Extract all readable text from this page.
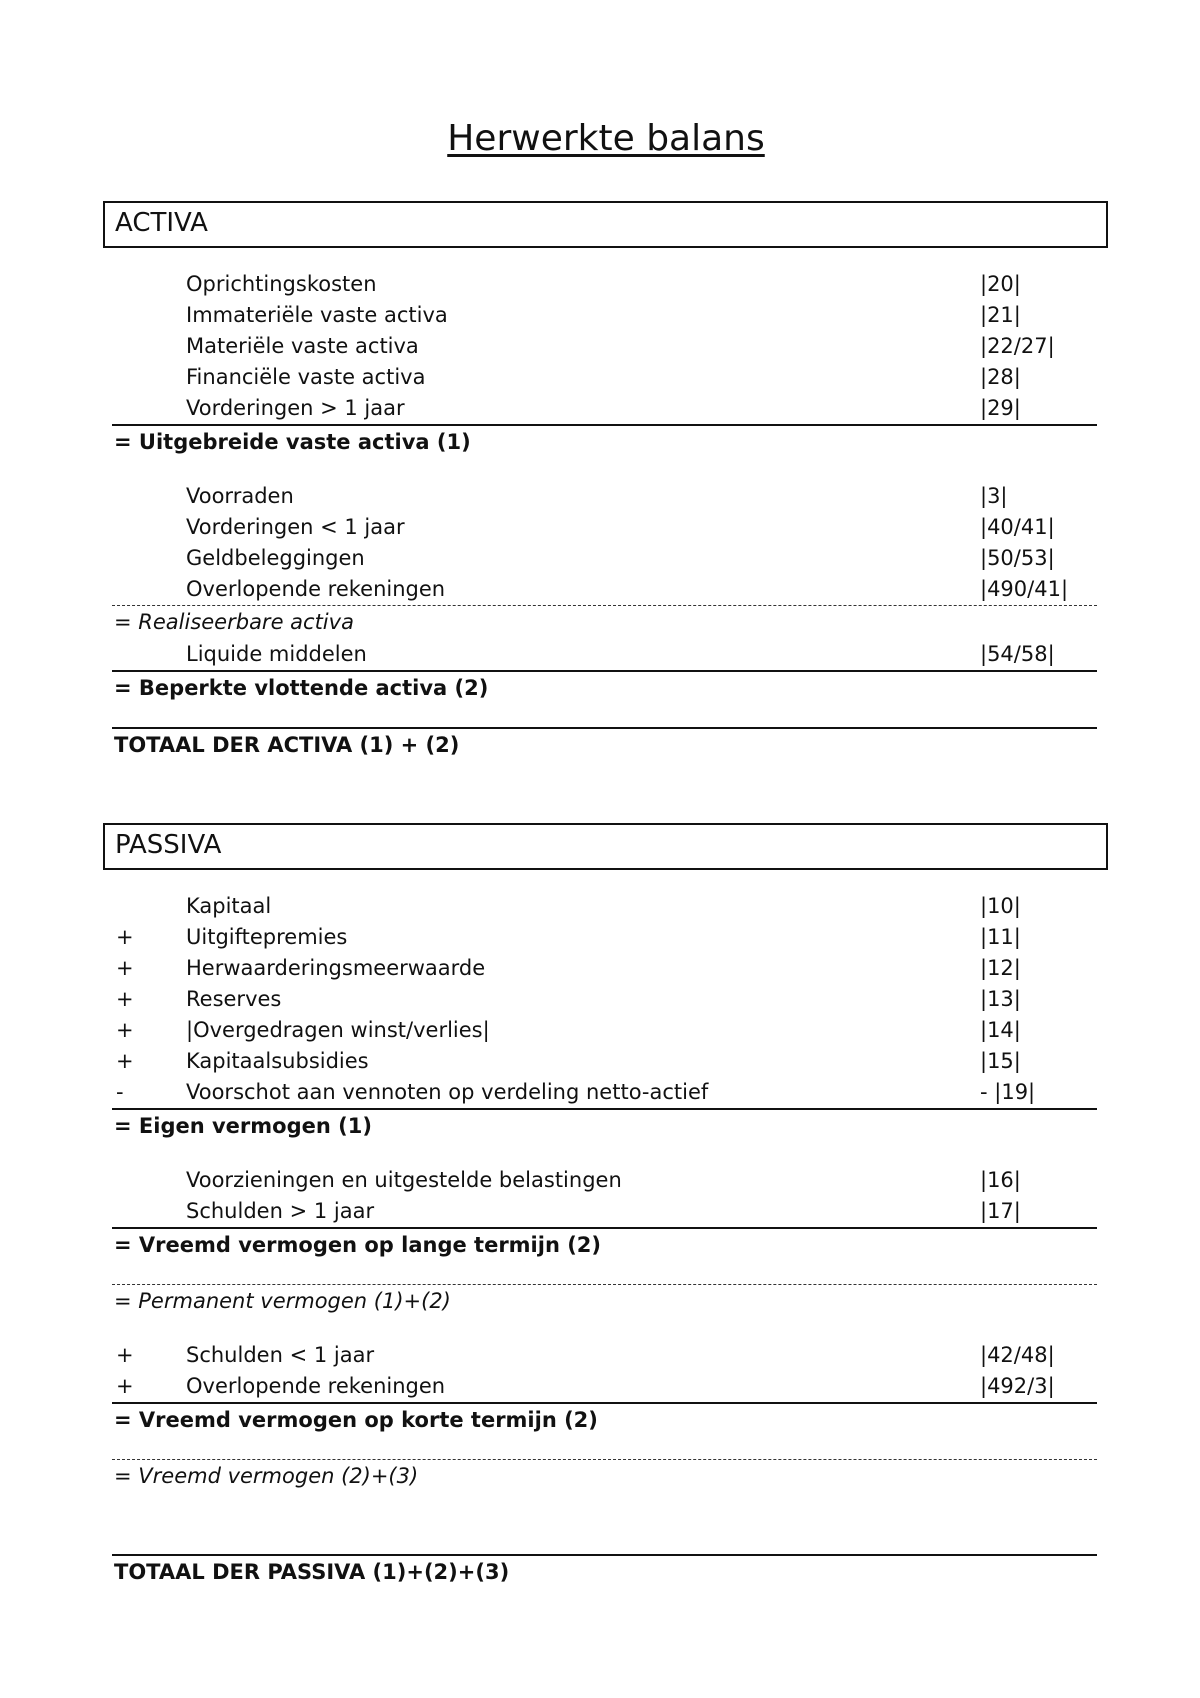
Herwerkte balans
ACTIVA
Oprichtingskosten	|20|
Immateriële vaste activa	|21|
Materiële vaste activa	|22/27|
Financiële vaste activa	|28|
Vorderingen > 1 jaar	|29|
= Uitgebreide vaste activa (1)
Voorraden	|3|
Vorderingen < 1 jaar	|40/41|
Geldbeleggingen	|50/53|
Overlopende rekeningen	|490/41|
= Realiseerbare activa
Liquide middelen	|54/58|
= Beperkte vlottende activa (2)
TOTAAL DER ACTIVA (1) + (2)
PASSIVA
Kapitaal	|10|
+ Uitgiftepremies	|11|
+ Herwaarderingsmeerwaarde	|12|
+ Reserves	|13|
+ |Overgedragen winst/verlies|	|14|
+ Kapitaalsubsidies	|15|
-	Voorschot aan vennoten op verdeling netto-actief	- |19|
= Eigen vermogen (1)
Voorzieningen en uitgestelde belastingen	|16|
Schulden > 1 jaar	|17|
= Vreemd vermogen op lange termijn (2)
= Permanent vermogen (1)+(2)
+ Schulden < 1 jaar	|42/48|
+ Overlopende rekeningen	|492/3|
= Vreemd vermogen op korte termijn (2)
= Vreemd vermogen (2)+(3)
TOTAAL DER PASSIVA (1)+(2)+(3)
